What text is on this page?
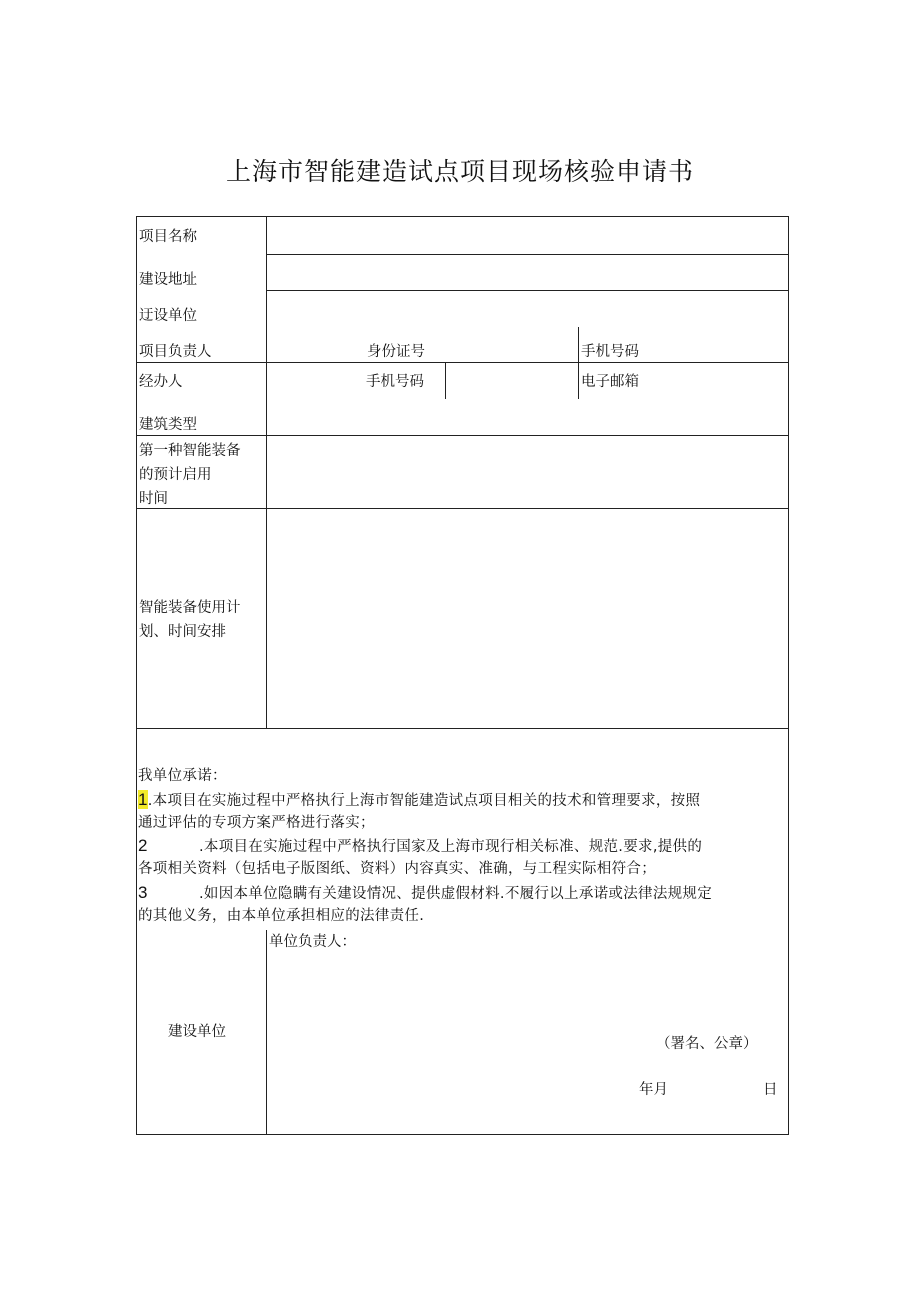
上海市智能建造试点项目现场核验申请书
项目名称
建设地址
迂设单位
项目负责人	身份证号	手机号码
经办人	手机号码	电子邮箱
建筑类型
第一种智能装备
的预计启用
时间
智能装备使用计
划、时间安排
我单位承诺：
1.本项目在实施过程中严格执行上海市智能建造试点项目相关的技术和管理要求，按照
通过评估的专项方案严格进行落实；
2	.本项目在实施过程中严格执行国家及上海市现行相关标准、规范.要求,提供的
各项相关资料（包括电子版图纸、资料）内容真实、准确，与工程实际相符合；
3	.如因本单位隐瞒有关建设情况、提供虚假材料.不履行以上承诺或法律法规规定
的其他义务，由本单位承担相应的法律责任.
单位负责人：
建设单位
（署名、公章）
年月	日
